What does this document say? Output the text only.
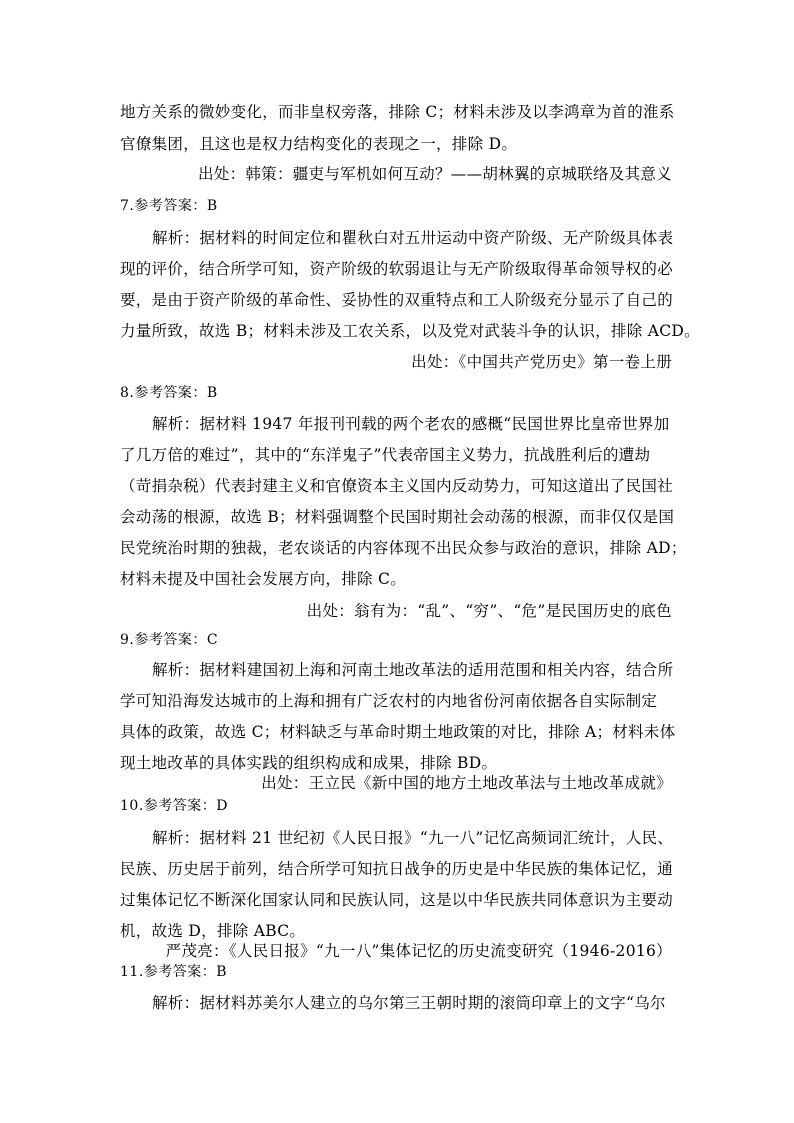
地方关系的微妙变化，而非皇权旁落，排除 C；材料未涉及以李鸿章为首的淮系
官僚集团，且这也是权力结构变化的表现之一，排除 D。
出处：韩策：疆吏与军机如何互动？——胡林翼的京城联络及其意义
7.参考答案：B
解析：据材料的时间定位和瞿秋白对五卅运动中资产阶级、无产阶级具体表
现的评价，结合所学可知，资产阶级的软弱退让与无产阶级取得革命领导权的必
要，是由于资产阶级的革命性、妥协性的双重特点和工人阶级充分显示了自己的
力量所致，故选 B；材料未涉及工农关系，以及党对武装斗争的认识，排除 ACD。
出处：《中国共产党历史》第一卷上册
8.参考答案：B
解析：据材料 1947 年报刊刊载的两个老农的感概“民国世界比皇帝世界加
了几万倍的难过”，其中的“东洋鬼子”代表帝国主义势力，抗战胜利后的遭劫
（苛捐杂税）代表封建主义和官僚资本主义国内反动势力，可知这道出了民国社
会动荡的根源，故选 B；材料强调整个民国时期社会动荡的根源，而非仅仅是国
民党统治时期的独裁，老农谈话的内容体现不出民众参与政治的意识，排除 AD；
材料未提及中国社会发展方向，排除 C。
出处：翁有为：“乱”、“穷”、“危”是民国历史的底色
9.参考答案：C
解析：据材料建国初上海和河南土地改革法的适用范围和相关内容，结合所
学可知沿海发达城市的上海和拥有广泛农村的内地省份河南依据各自实际制定
具体的政策，故选 C；材料缺乏与革命时期土地政策的对比，排除 A；材料未体
现土地改革的具体实践的组织构成和成果，排除 BD。
出处：王立民《新中国的地方土地改革法与土地改革成就》
10.参考答案：D
解析：据材料 21 世纪初《人民日报》“九一八”记忆高频词汇统计，人民、
民族、历史居于前列，结合所学可知抗日战争的历史是中华民族的集体记忆，通
过集体记忆不断深化国家认同和民族认同，这是以中华民族共同体意识为主要动
机，故选 D，排除 ABC。
严茂亮：《人民日报》“九一八”集体记忆的历史流变研究（1946-2016）
11.参考答案：B
解析：据材料苏美尔人建立的乌尔第三王朝时期的滚筒印章上的文字“乌尔
